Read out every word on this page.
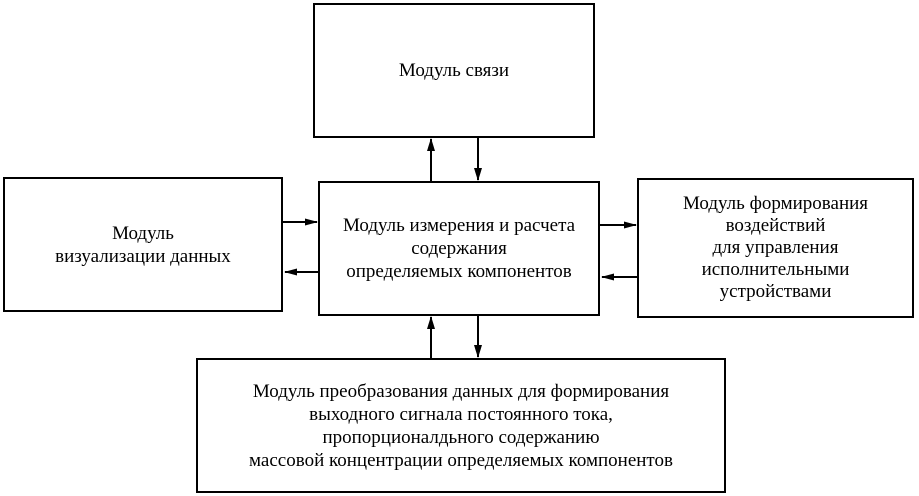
Модуль связи
Модуль измерения и расчета
содержания
определяемых компонентов
Модуль
визуализации данных
Модуль формирования
воздействий
для управления
исполнительными
устройствами
Модуль преобразования данных для формирования
выходного сигнала постоянного тока,
пропорционалдьного содержанию
массовой концентрации определяемых компонентов
